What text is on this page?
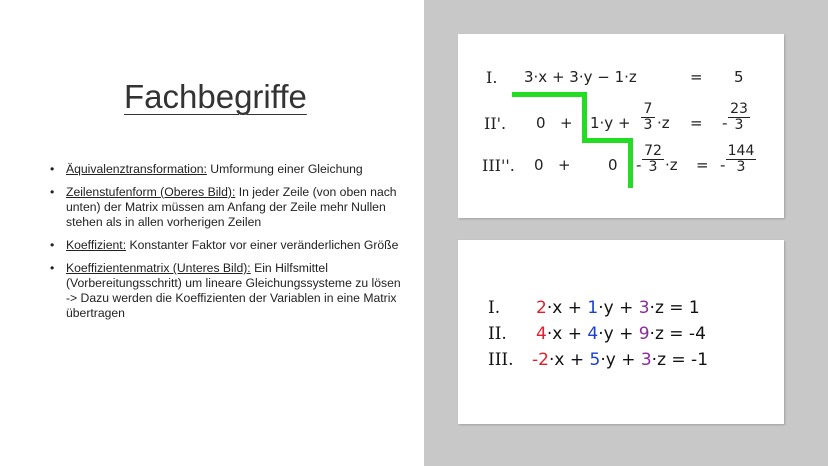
Fachbegriffe
• Äquivalenztransformation: Umformung einer Gleichung
• Zeilenstufenform (Oberes Bild): In jeder Zeile (von oben nach unten) der Matrix müssen am Anfang der Zeile mehr Nullen stehen als in allen vorherigen Zeilen
• Koeffizient: Konstanter Faktor vor einer veränderlichen Größe
• Koeffizientenmatrix (Unteres Bild): Ein Hilfsmittel (Vorbereitungsschritt) um lineare Gleichungssysteme zu lösen -> Dazu werden die Koeffizienten der Variablen in eine Matrix übertragen
I. 3·x + 3·y − 1·z	= 5
II'. $0 + 1\cdot y + \frac{7}{3} \cdot z$ = - $\frac{23}{3}$
III''. $0 + 0 - \frac{72}{3} \cdot z$ = - $\frac{144}{3}$
I. 2·x + 1·y + 3·z = 1
II. 4·x + 4·y + 9·z = -4
III. -2·x + 5·y + 3·z = -1
